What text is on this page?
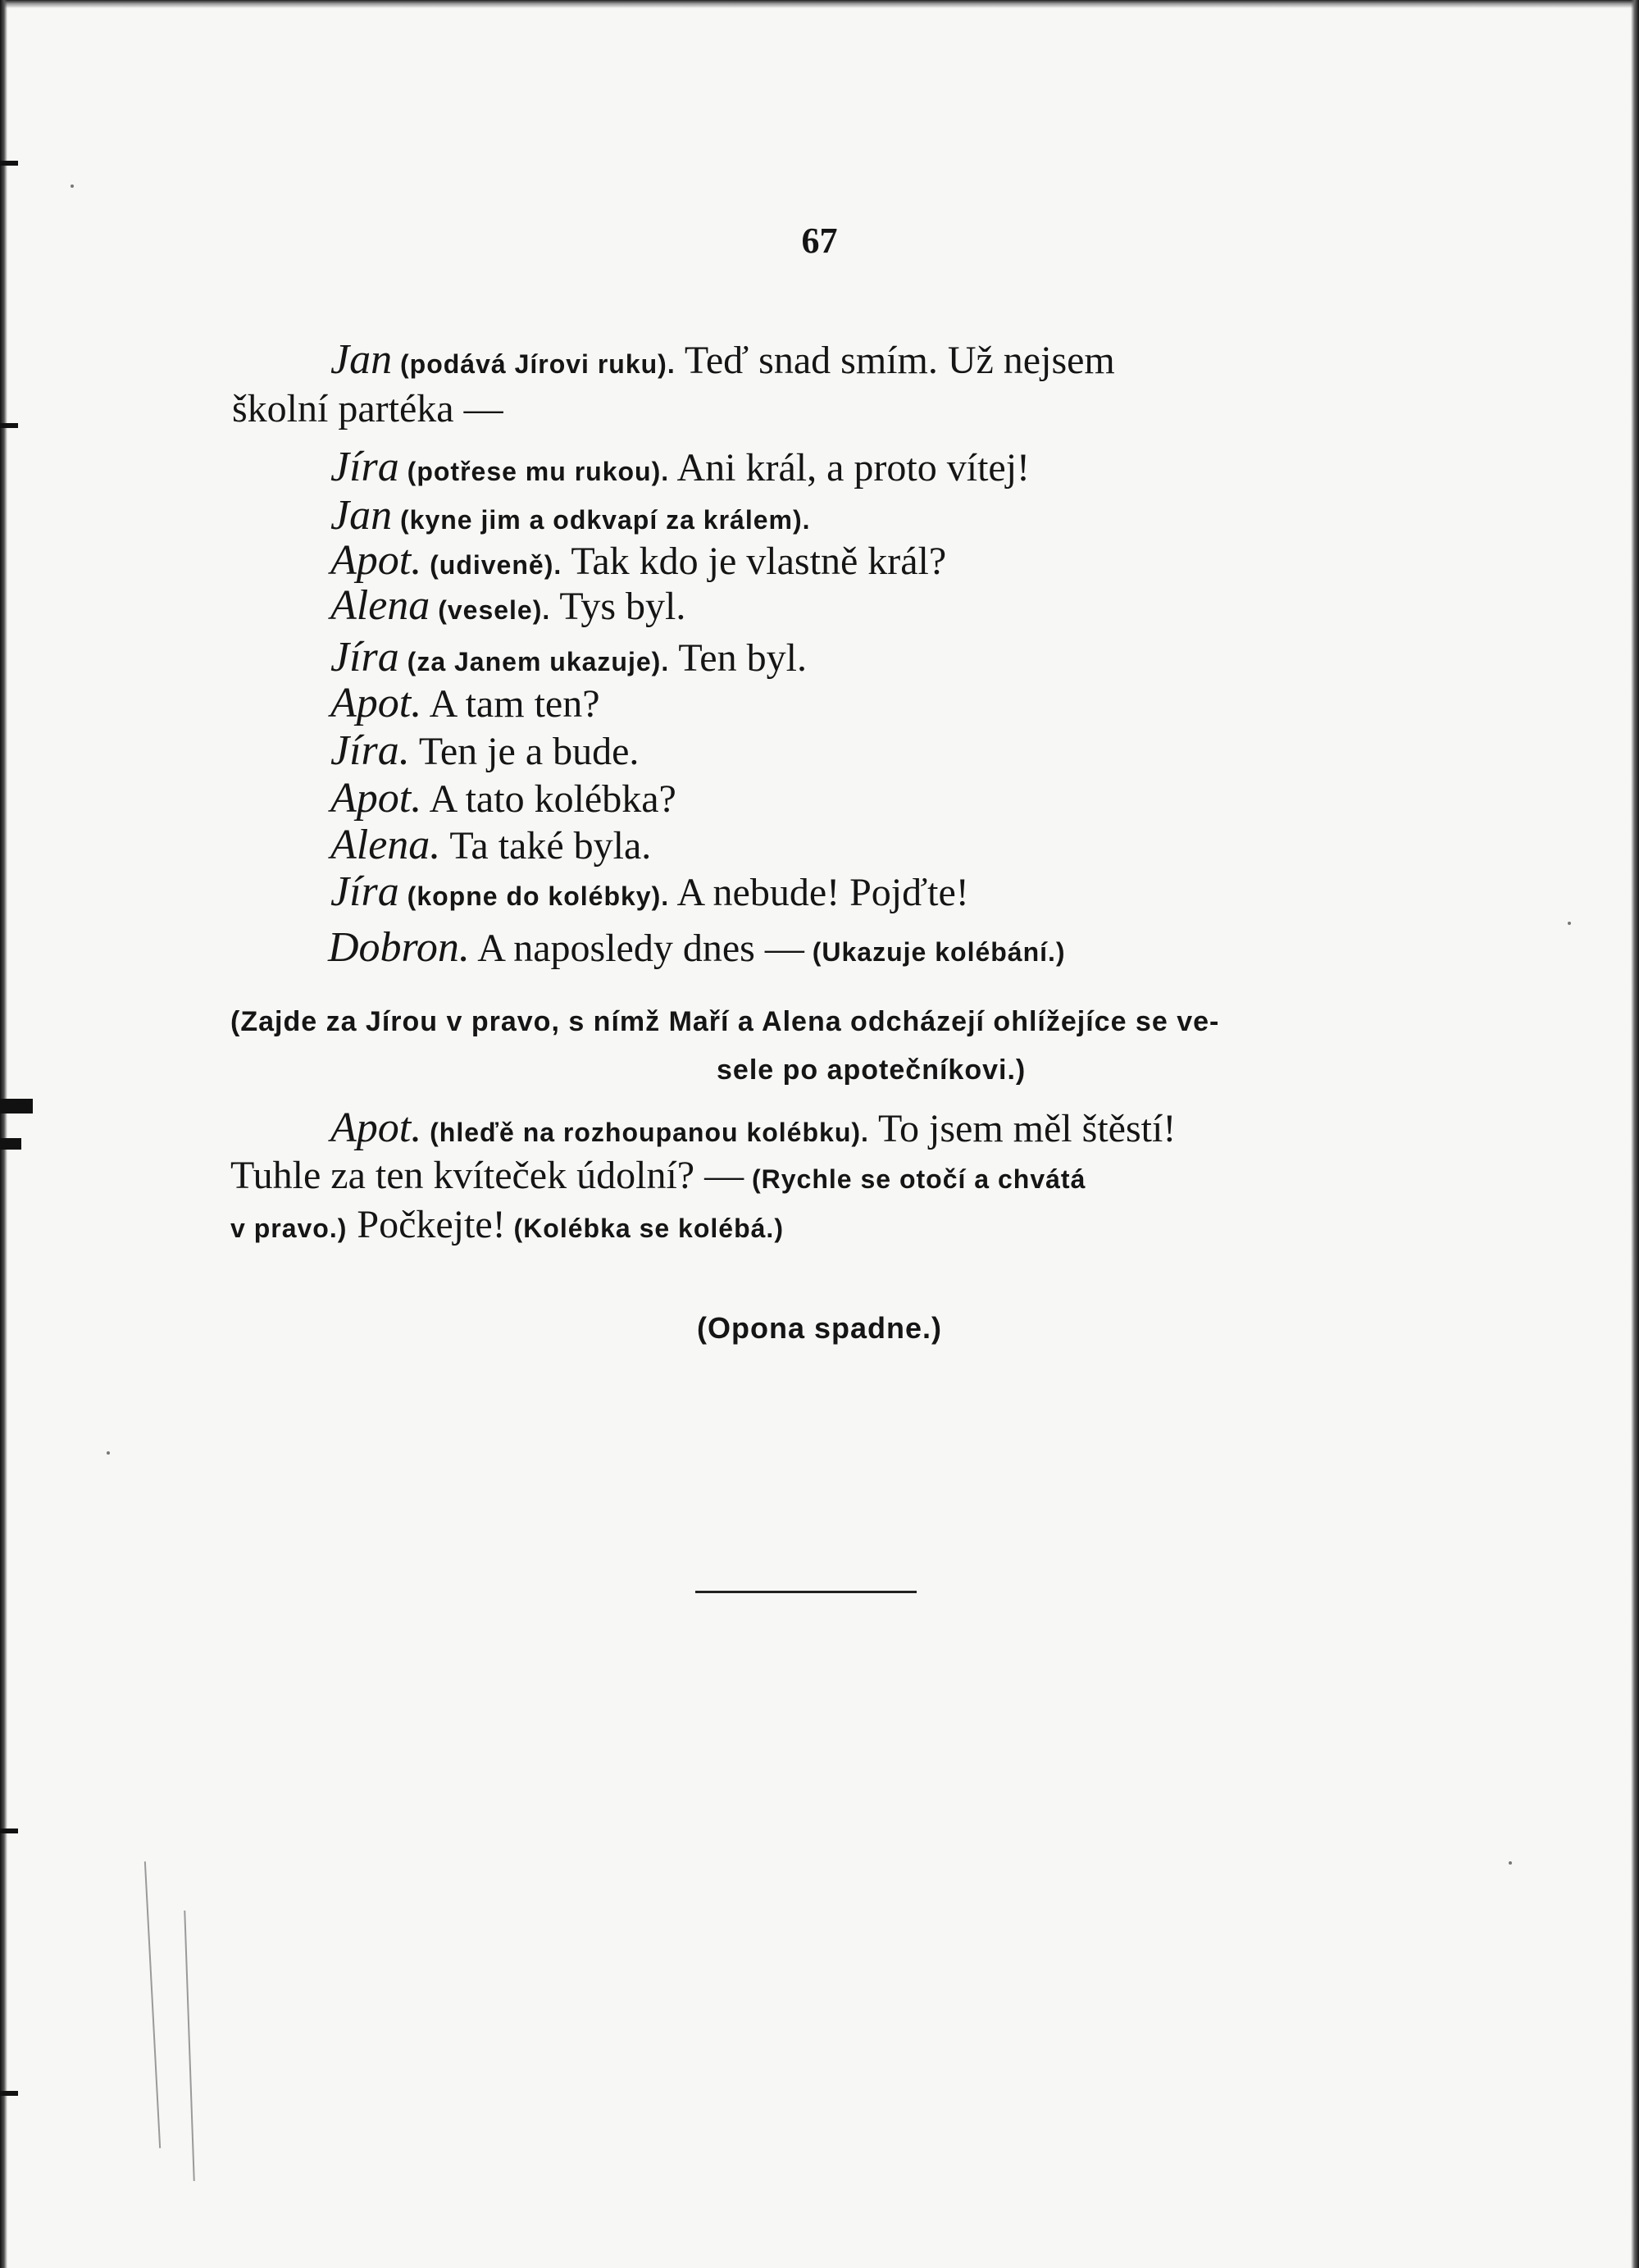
67
Jan (podává Jírovi ruku). Teď snad smím. Už nejsem
školní partéka —
Jíra (potřese mu rukou). Ani král, a proto vítej!
Jan (kyne jim a odkvapí za králem).
Apot. (udiveně). Tak kdo je vlastně král?
Alena (vesele). Tys byl.
Jíra (za Janem ukazuje). Ten byl.
Apot. A tam ten?
Jíra. Ten je a bude.
Apot. A tato kolébka?
Alena. Ta také byla.
Jíra (kopne do kolébky). A nebude! Pojďte!
Dobron. A naposledy dnes — (Ukazuje kolébání.)
(Zajde za Jírou v pravo, s nímž Maří a Alena odcházejí ohlížejíce se ve-
sele po apotečníkovi.)
Apot. (hleďě na rozhoupanou kolébku). To jsem měl štěstí!
Tuhle za ten kvíteček údolní? — (Rychle se otočí a chvátá
v pravo.) Počkejte! (Kolébka se kolébá.)
(Opona spadne.)
